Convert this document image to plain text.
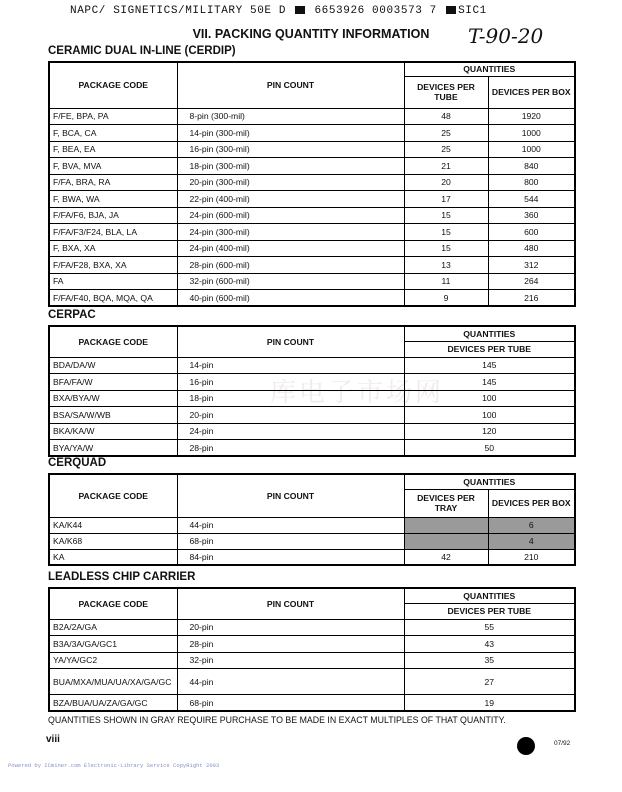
NAPC/ SIGNETICS/MILITARY 50E D	6653926 0003573 7 SIC1
T-90-20
VII. PACKING QUANTITY INFORMATION
库电子市场网
CERAMIC DUAL IN-LINE (CERDIP)
PACKAGE CODE	PIN COUNT	QUANTITIES	
		DEVICES PER TUBE	DEVICES PER BOX
F/FE, BPA, PA	8-pin (300-mil)	48	1920
F, BCA, CA	14-pin (300-mil)	25	1000
F, BEA, EA	16-pin (300-mil)	25	1000
F, BVA, MVA	18-pin (300-mil)	21	840
F/FA, BRA, RA	20-pin (300-mil)	20	800
F, BWA, WA	22-pin (400-mil)	17	544
F/FA/F6, BJA, JA	24-pin (600-mil)	15	360
F/FA/F3/F24, BLA, LA	24-pin (300-mil)	15	600
F, BXA, XA	24-pin (400-mil)	15	480
F/FA/F28, BXA, XA	28-pin (600-mil)	13	312
FA	32-pin (600-mil)	11	264
F/FA/F40, BQA, MQA, QA	40-pin (600-mil)	9	216
CERPAC
PACKAGE CODE	PIN COUNT	QUANTITIES
		DEVICES PER TUBE
BDA/DA/W	14-pin	145
BFA/FA/W	16-pin	145
BXA/BYA/W	18-pin	100
BSA/SA/W/WB	20-pin	100
BKA/KA/W	24-pin	120
BYA/YA/W	28-pin	50
CERQUAD
PACKAGE CODE	PIN COUNT	QUANTITIES	
		DEVICES PER TRAY	DEVICES PER BOX
KA/K44	44-pin		6
KA/K68	68-pin		4
KA	84-pin	42	210
LEADLESS CHIP CARRIER
PACKAGE CODE	PIN COUNT	QUANTITIES
		DEVICES PER TUBE
B2A/2A/GA	20-pin	55
B3A/3A/GA/GC1	28-pin	43
YA/YA/GC2	32-pin	35
BUA/MXA/MUA/UA/XA/GA/GC	44-pin	27
BZA/BUA/UA/ZA/GA/GC	68-pin	19
QUANTITIES SHOWN IN GRAY REQUIRE PURCHASE TO BE MADE IN EXACT MULTIPLES OF THAT QUANTITY.
viii	07/92
Powered by ICminer.com Electronic-Library Service CopyRight 2003
